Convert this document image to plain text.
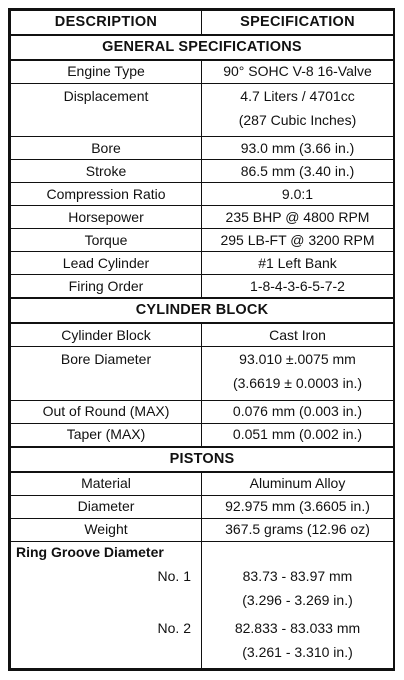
DESCRIPTION	SPECIFICATION
GENERAL SPECIFICATIONS	
Engine Type	90° SOHC V-8 16-Valve
Displacement	4.7 Liters / 4701cc
(287 Cubic Inches)

Bore	93.0 mm (3.66 in.)
Stroke	86.5 mm (3.40 in.)
Compression Ratio	9.0:1
Horsepower	235 BHP @ 4800 RPM
Torque	295 LB-FT @ 3200 RPM
Lead Cylinder	#1 Left Bank
Firing Order	1-8-4-3-6-5-7-2
CYLINDER BLOCK	
Cylinder Block	Cast Iron
Bore Diameter	93.010 ±.0075 mm
(3.6619 ± 0.0003 in.)

Out of Round (MAX)	0.076 mm (0.003 in.)
Taper (MAX)	0.051 mm (0.002 in.)
PISTONS	
Material	Aluminum Alloy
Diameter	92.975 mm (3.6605 in.)
Weight	367.5 grams (12.96 oz)
Ring Groove Diameter	
No. 1	83.73 - 83.97 mm
(3.296 - 3.269 in.)

No. 2	82.833 - 83.033 mm
(3.261 - 3.310 in.)
